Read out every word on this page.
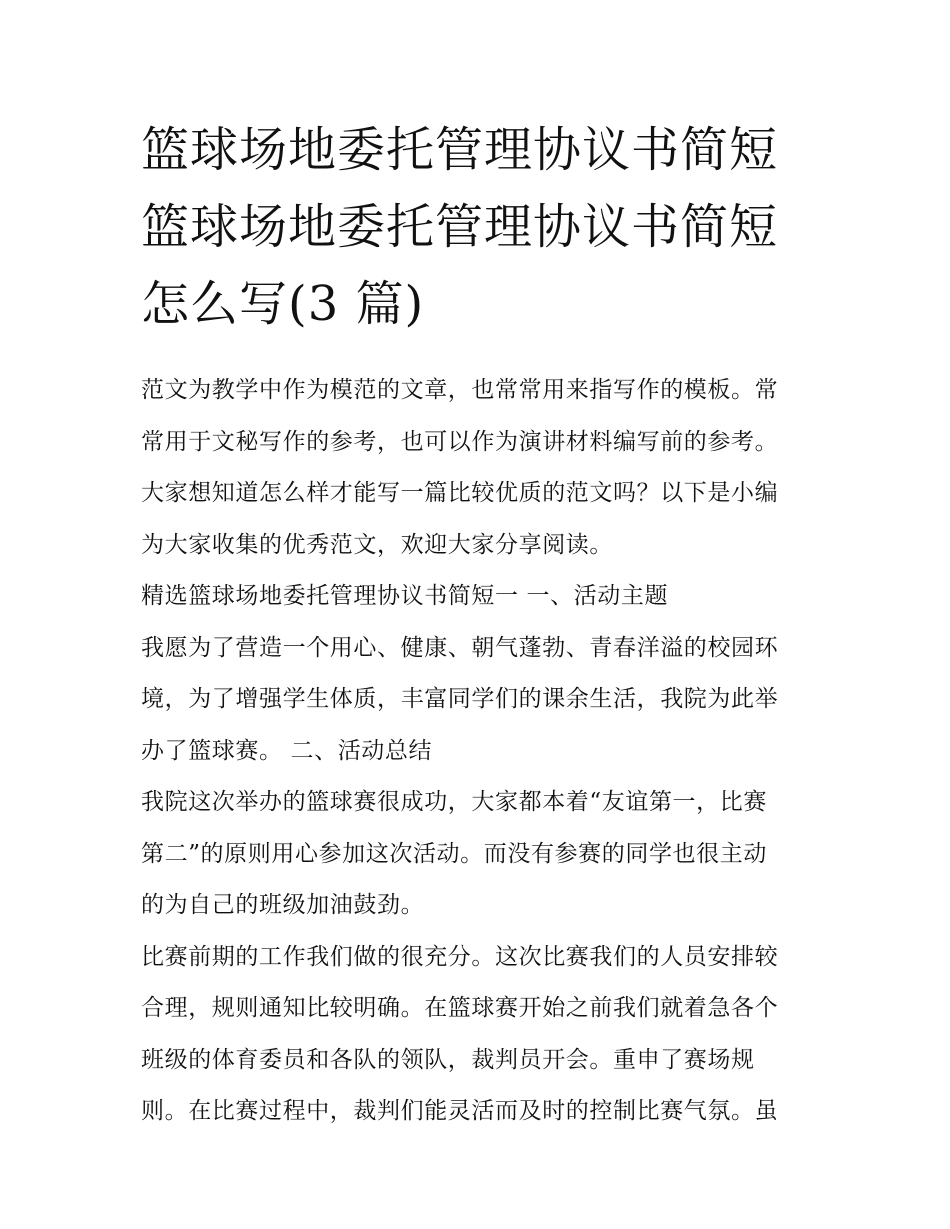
篮球场地委托管理协议书简短
篮球场地委托管理协议书简短
怎么写(3 篇)
范文为教学中作为模范的文章，也常常用来指写作的模板。常
常用于文秘写作的参考，也可以作为演讲材料编写前的参考。
大家想知道怎么样才能写一篇比较优质的范文吗？以下是小编
为大家收集的优秀范文，欢迎大家分享阅读。
精选篮球场地委托管理协议书简短一 一、活动主题
我愿为了营造一个用心、健康、朝气蓬勃、青春洋溢的校园环
境，为了增强学生体质，丰富同学们的课余生活，我院为此举
办了篮球赛。 二、活动总结
我院这次举办的篮球赛很成功，大家都本着“友谊第一，比赛
第二”的原则用心参加这次活动。而没有参赛的同学也很主动
的为自己的班级加油鼓劲。
比赛前期的工作我们做的很充分。这次比赛我们的人员安排较
合理，规则通知比较明确。在篮球赛开始之前我们就着急各个
班级的体育委员和各队的领队，裁判员开会。重申了赛场规
则。在比赛过程中，裁判们能灵活而及时的控制比赛气氛。虽
